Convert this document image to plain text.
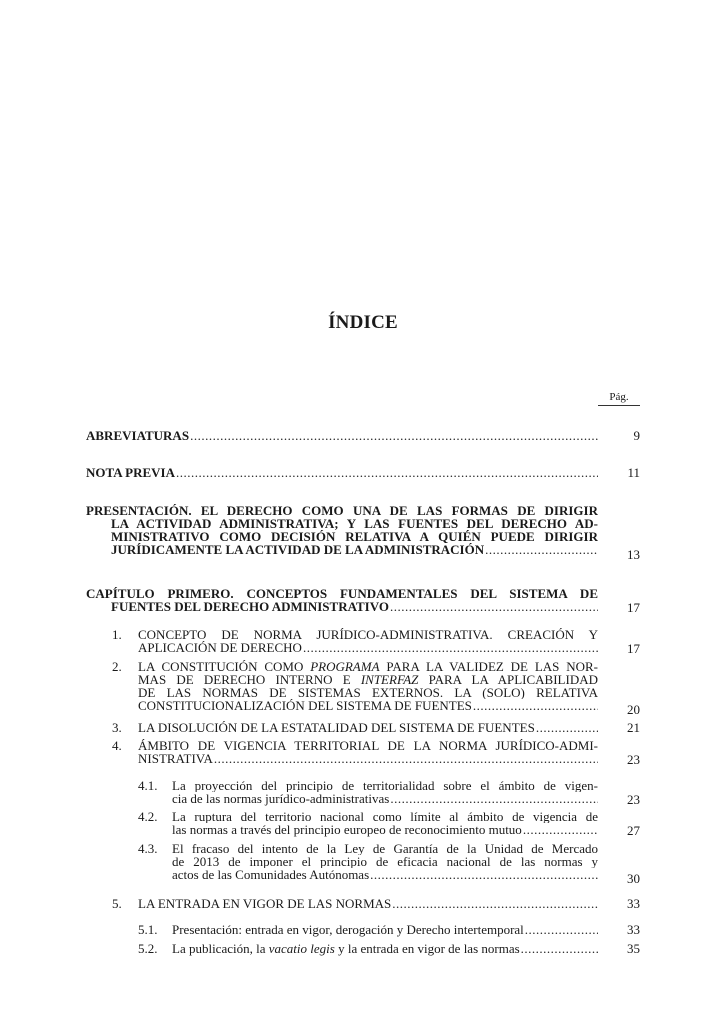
ÍNDICE
Pág.
ABREVIATURAS .....	9
NOTA PREVIA .....	11
PRESENTACIÓN. EL DERECHO COMO UNA DE LAS FORMAS DE DIRIGIR
LA ACTIVIDAD ADMINISTRATIVA; Y LAS FUENTES DEL DERECHO AD-
MINISTRATIVO COMO DECISIÓN RELATIVA A QUIÉN PUEDE DIRIGIR
JURÍDICAMENTE LA ACTIVIDAD DE LA ADMINISTRACIÓN .....	13
CAPÍTULO PRIMERO. CONCEPTOS FUNDAMENTALES DEL SISTEMA DE
FUENTES DEL DERECHO ADMINISTRATIVO .....	17
1. CONCEPTO DE NORMA JURÍDICO-ADMINISTRATIVA. CREACIÓN Y
APLICACIÓN DE DERECHO .....	17
2. LA CONSTITUCIÓN COMO PROGRAMA PARA LA VALIDEZ DE LAS NOR-
MAS DE DERECHO INTERNO E INTERFAZ PARA LA APLICABILIDAD
DE LAS NORMAS DE SISTEMAS EXTERNOS. LA (SOLO) RELATIVA
CONSTITUCIONALIZACIÓN DEL SISTEMA DE FUENTES .....	20
3. LA DISOLUCIÓN DE LA ESTATALIDAD DEL SISTEMA DE FUENTES .....	21
4. ÁMBITO DE VIGENCIA TERRITORIAL DE LA NORMA JURÍDICO-ADMI-
NISTRATIVA .....	23
4.1. La proyección del principio de territorialidad sobre el ámbito de vigen-
cia de las normas jurídico-administrativas .....	23
4.2. La ruptura del territorio nacional como límite al ámbito de vigencia de
las normas a través del principio europeo de reconocimiento mutuo .....	27
4.3. El fracaso del intento de la Ley de Garantía de la Unidad de Mercado
de 2013 de imponer el principio de eficacia nacional de las normas y
actos de las Comunidades Autónomas .....	30
5. LA ENTRADA EN VIGOR DE LAS NORMAS .....	33
5.1. Presentación: entrada en vigor, derogación y Derecho intertemporal .....	33
5.2. La publicación, la vacatio legis y la entrada en vigor de las normas .....	35
